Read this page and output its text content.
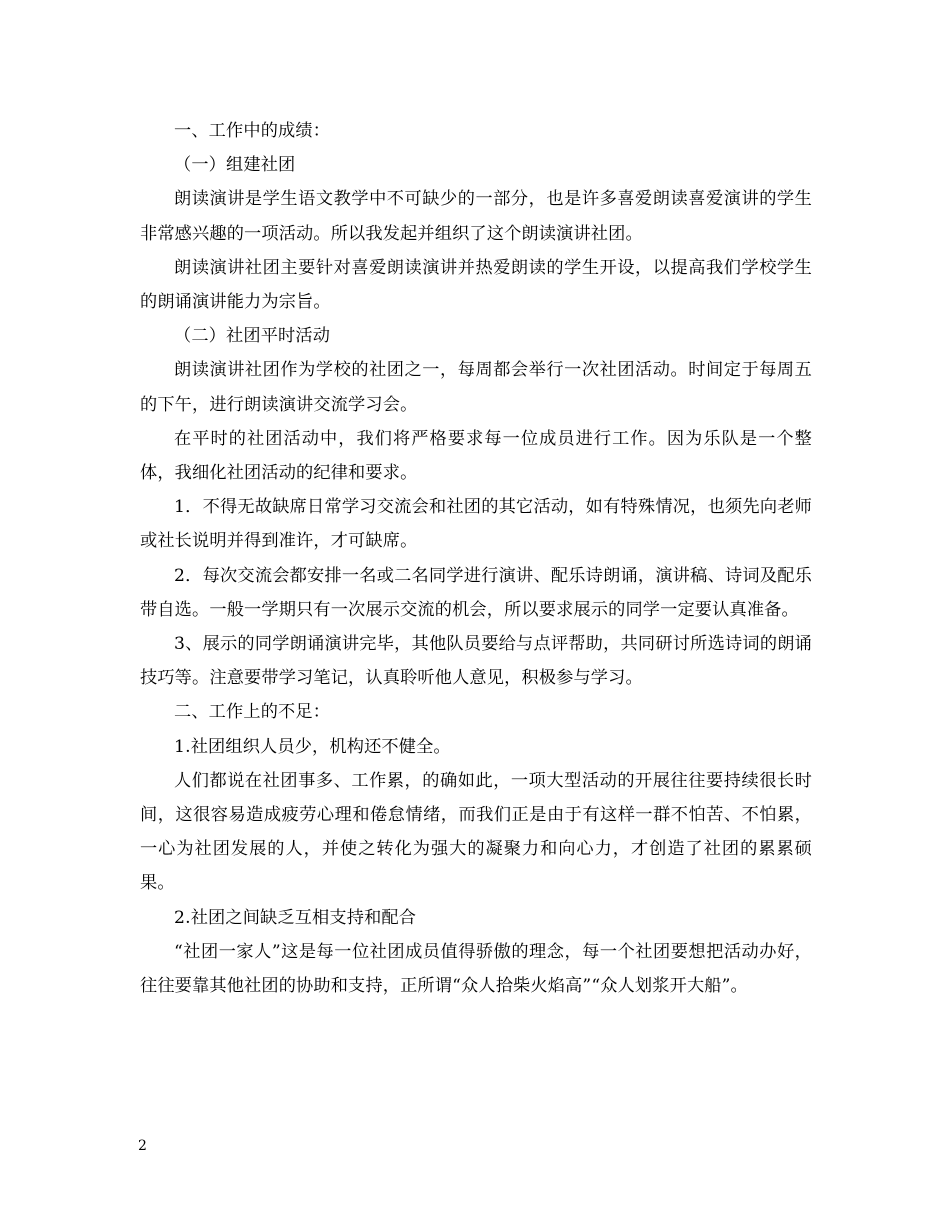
一、工作中的成绩：

（一）组建社团

朗读演讲是学生语文教学中不可缺少的一部分，也是许多喜爱朗读喜爱演讲的学生非常感兴趣的一项活动。所以我发起并组织了这个朗读演讲社团。

朗读演讲社团主要针对喜爱朗读演讲并热爱朗读的学生开设，以提高我们学校学生的朗诵演讲能力为宗旨。

（二）社团平时活动

朗读演讲社团作为学校的社团之一，每周都会举行一次社团活动。时间定于每周五的下午，进行朗读演讲交流学习会。

在平时的社团活动中，我们将严格要求每一位成员进行工作。因为乐队是一个整体，我细化社团活动的纪律和要求。

1．不得无故缺席日常学习交流会和社团的其它活动，如有特殊情况，也须先向老师或社长说明并得到准许，才可缺席。

2．每次交流会都安排一名或二名同学进行演讲、配乐诗朗诵，演讲稿、诗词及配乐带自选。一般一学期只有一次展示交流的机会，所以要求展示的同学一定要认真准备。

3、展示的同学朗诵演讲完毕，其他队员要给与点评帮助，共同研讨所选诗词的朗诵技巧等。注意要带学习笔记，认真聆听他人意见，积极参与学习。

二、工作上的不足：

1.社团组织人员少，机构还不健全。

人们都说在社团事多、工作累，的确如此，一项大型活动的开展往往要持续很长时间，这很容易造成疲劳心理和倦怠情绪，而我们正是由于有这样一群不怕苦、不怕累，一心为社团发展的人，并使之转化为强大的凝聚力和向心力，才创造了社团的累累硕果。

2.社团之间缺乏互相支持和配合

“社团一家人”这是每一位社团成员值得骄傲的理念，每一个社团要想把活动办好，往往要靠其他社团的协助和支持，正所谓“众人拾柴火焰高”“众人划浆开大船”。

2
